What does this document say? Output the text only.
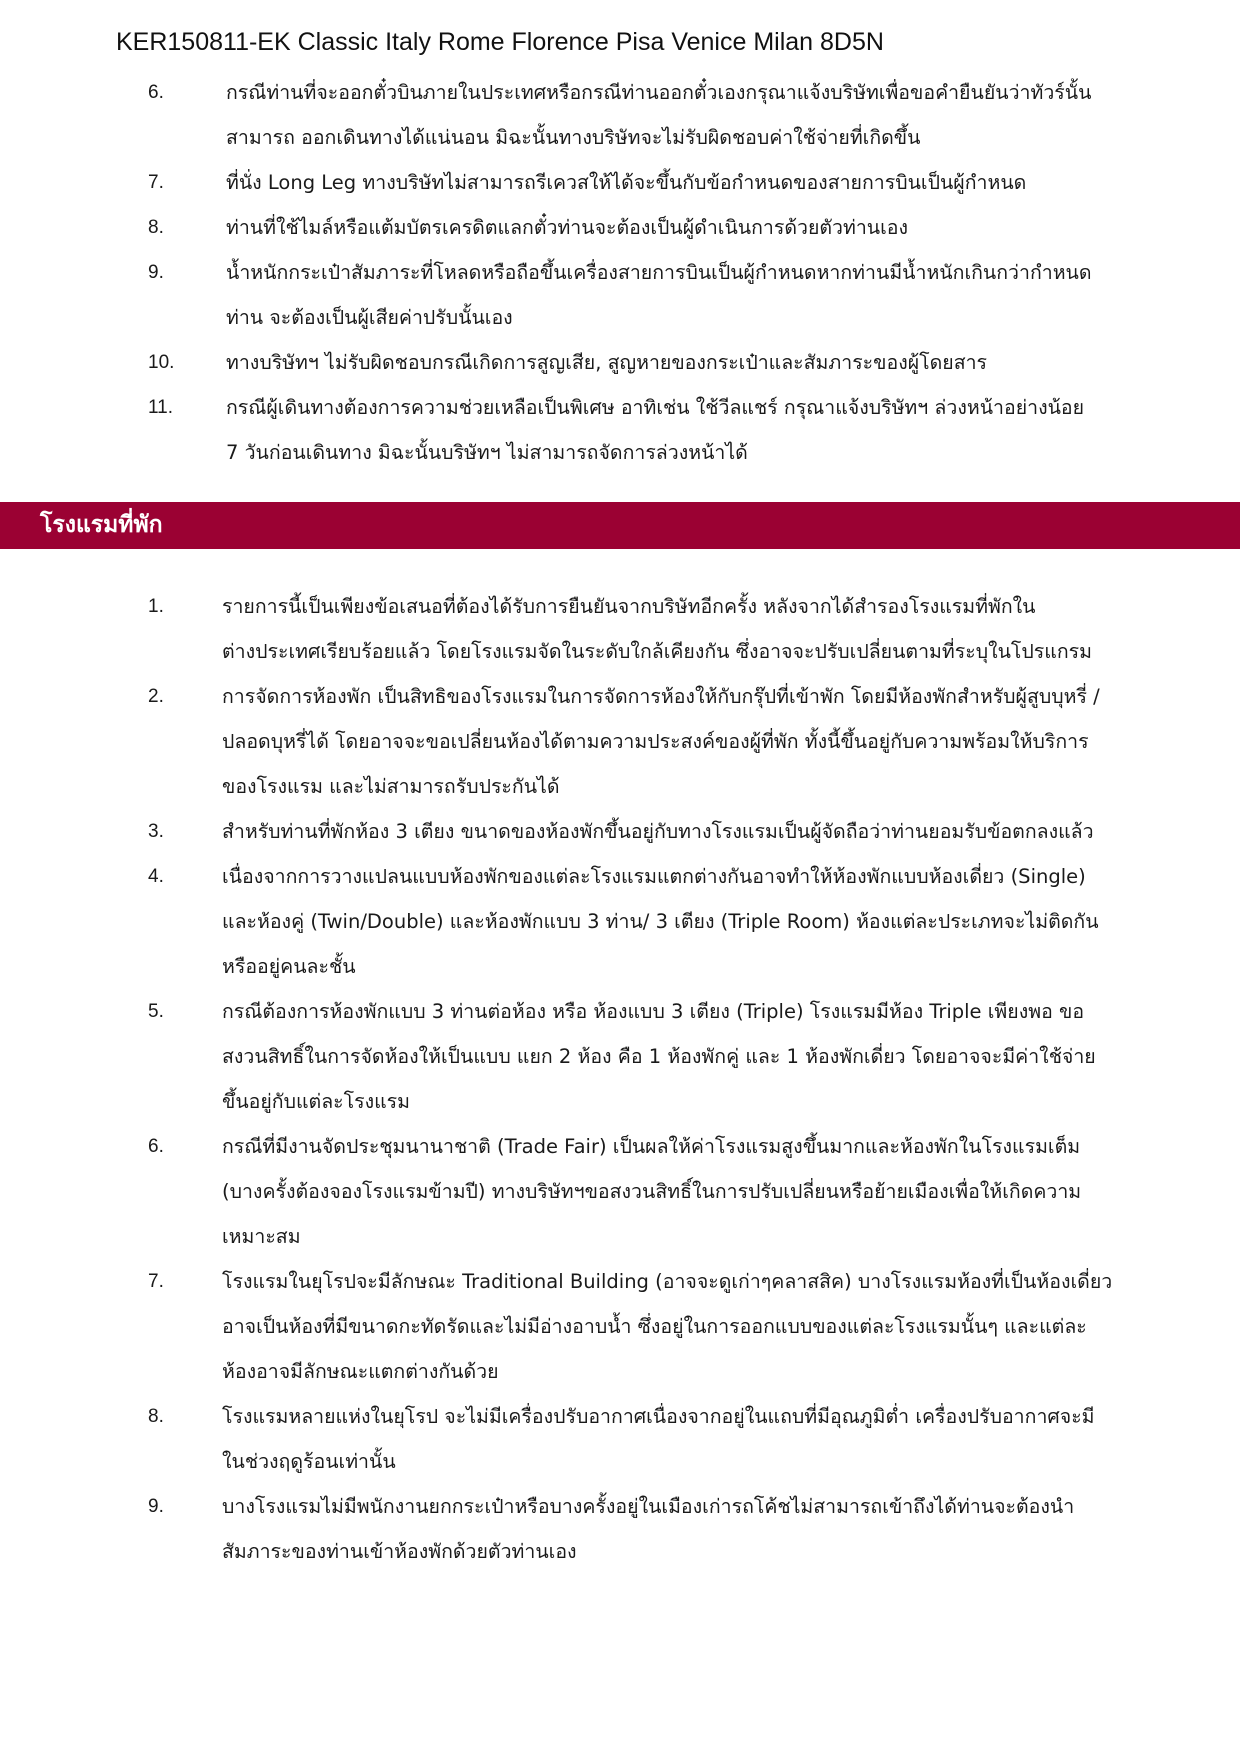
KER150811-EK Classic Italy Rome Florence Pisa Venice Milan 8D5N
6.	กรณีท่านที่จะออกตั๋วบินภายในประเทศหรือกรณีท่านออกตั๋วเองกรุณาแจ้งบริษัทเพื่อขอคำยืนยันว่าทัวร์นั้น
สามารถ ออกเดินทางได้แน่นอน มิฉะนั้นทางบริษัทจะไม่รับผิดชอบค่าใช้จ่ายที่เกิดขึ้น
7.	ที่นั่ง Long Leg ทางบริษัทไม่สามารถรีเควสให้ได้จะขึ้นกับข้อกำหนดของสายการบินเป็นผู้กำหนด
8.	ท่านที่ใช้ไมล์หรือแต้มบัตรเครดิตแลกตั๋วท่านจะต้องเป็นผู้ดำเนินการด้วยตัวท่านเอง
9.	น้ำหนักกระเป๋าสัมภาระที่โหลดหรือถือขึ้นเครื่องสายการบินเป็นผู้กำหนดหากท่านมีน้ำหนักเกินกว่ากำหนด
ท่าน จะต้องเป็นผู้เสียค่าปรับนั้นเอง
10.	ทางบริษัทฯ ไม่รับผิดชอบกรณีเกิดการสูญเสีย, สูญหายของกระเป๋าและสัมภาระของผู้โดยสาร
11.	กรณีผู้เดินทางต้องการความช่วยเหลือเป็นพิเศษ อาทิเช่น ใช้วีลแชร์ กรุณาแจ้งบริษัทฯ ล่วงหน้าอย่างน้อย
7 วันก่อนเดินทาง มิฉะนั้นบริษัทฯ ไม่สามารถจัดการล่วงหน้าได้
โรงแรมที่พัก
1.	รายการนี้เป็นเพียงข้อเสนอที่ต้องได้รับการยืนยันจากบริษัทอีกครั้ง หลังจากได้สำรองโรงแรมที่พักใน
ต่างประเทศเรียบร้อยแล้ว โดยโรงแรมจัดในระดับใกล้เคียงกัน ซึ่งอาจจะปรับเปลี่ยนตามที่ระบุในโปรแกรม
2.	การจัดการห้องพัก เป็นสิทธิของโรงแรมในการจัดการห้องให้กับกรุ๊ปที่เข้าพัก โดยมีห้องพักสำหรับผู้สูบบุหรี่ /
ปลอดบุหรี่ได้ โดยอาจจะขอเปลี่ยนห้องได้ตามความประสงค์ของผู้ที่พัก ทั้งนี้ขึ้นอยู่กับความพร้อมให้บริการ
ของโรงแรม และไม่สามารถรับประกันได้
3.	สำหรับท่านที่พักห้อง 3 เตียง ขนาดของห้องพักขึ้นอยู่กับทางโรงแรมเป็นผู้จัดถือว่าท่านยอมรับข้อตกลงแล้ว
4.	เนื่องจากการวางแปลนแบบห้องพักของแต่ละโรงแรมแตกต่างกันอาจทำให้ห้องพักแบบห้องเดี่ยว (Single)
และห้องคู่ (Twin/Double) และห้องพักแบบ 3 ท่าน/ 3 เตียง (Triple Room) ห้องแต่ละประเภทจะไม่ติดกัน
หรืออยู่คนละชั้น
5.	กรณีต้องการห้องพักแบบ 3 ท่านต่อห้อง หรือ ห้องแบบ 3 เตียง (Triple) โรงแรมมีห้อง Triple เพียงพอ ขอ
สงวนสิทธิ์ในการจัดห้องให้เป็นแบบ แยก 2 ห้อง คือ 1 ห้องพักคู่ และ 1 ห้องพักเดี่ยว โดยอาจจะมีค่าใช้จ่าย
ขึ้นอยู่กับแต่ละโรงแรม
6.	กรณีที่มีงานจัดประชุมนานาชาติ (Trade Fair) เป็นผลให้ค่าโรงแรมสูงขึ้นมากและห้องพักในโรงแรมเต็ม
(บางครั้งต้องจองโรงแรมข้ามปี) ทางบริษัทฯขอสงวนสิทธิ์ในการปรับเปลี่ยนหรือย้ายเมืองเพื่อให้เกิดความ
เหมาะสม
7.	โรงแรมในยุโรปจะมีลักษณะ Traditional Building (อาจจะดูเก่าๆคลาสสิค) บางโรงแรมห้องที่เป็นห้องเดี่ยว
อาจเป็นห้องที่มีขนาดกะทัดรัดและไม่มีอ่างอาบน้ำ ซึ่งอยู่ในการออกแบบของแต่ละโรงแรมนั้นๆ และแต่ละ
ห้องอาจมีลักษณะแตกต่างกันด้วย
8.	โรงแรมหลายแห่งในยุโรป จะไม่มีเครื่องปรับอากาศเนื่องจากอยู่ในแถบที่มีอุณภูมิต่ำ เครื่องปรับอากาศจะมี
ในช่วงฤดูร้อนเท่านั้น
9.	บางโรงแรมไม่มีพนักงานยกกระเป๋าหรือบางครั้งอยู่ในเมืองเก่ารถโค้ชไม่สามารถเข้าถึงได้ท่านจะต้องนำ
สัมภาระของท่านเข้าห้องพักด้วยตัวท่านเอง
